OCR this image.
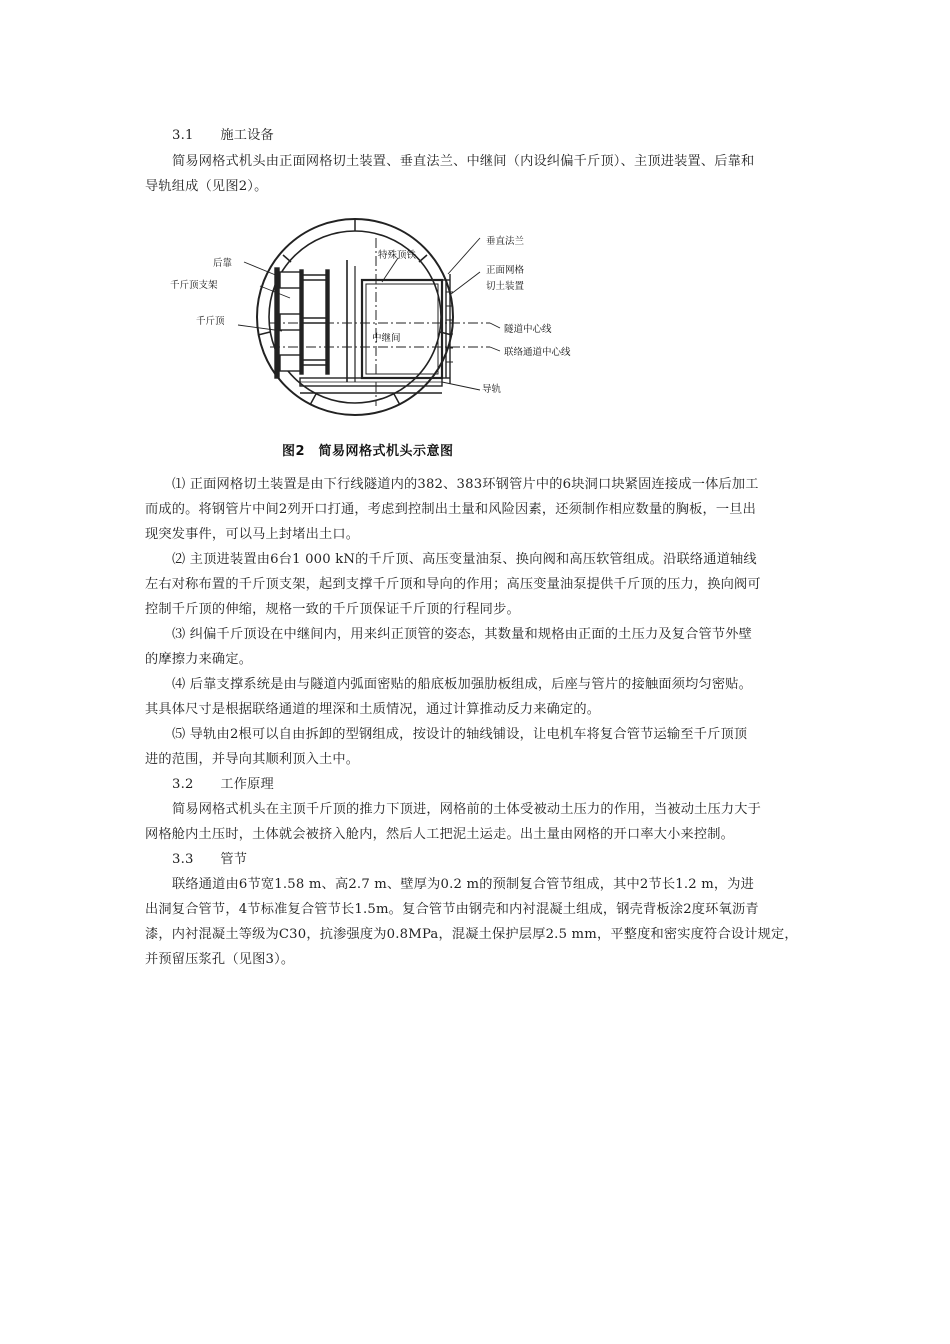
3.1　　施工设备
简易网格式机头由正面网格切土装置、垂直法兰、中继间（内设纠偏千斤顶）、主顶进装置、后靠和
导轨组成（见图2）。
后靠
千斤顶支架
千斤顶
特殊顶铁
垂直法兰
正面网格
切土装置
隧道中心线
联络通道中心线
中继间
导轨
图2　简易网格式机头示意图
⑴ 正面网格切土装置是由下行线隧道内的382、383环钢管片中的6块洞口块紧固连接成一体后加工
而成的。将钢管片中间2列开口打通，考虑到控制出土量和风险因素，还须制作相应数量的胸板，一旦出
现突发事件，可以马上封堵出土口。
⑵ 主顶进装置由6台1 000 kN的千斤顶、高压变量油泵、换向阀和高压软管组成。沿联络通道轴线
左右对称布置的千斤顶支架，起到支撑千斤顶和导向的作用；高压变量油泵提供千斤顶的压力，换向阀可
控制千斤顶的伸缩，规格一致的千斤顶保证千斤顶的行程同步。
⑶ 纠偏千斤顶设在中继间内，用来纠正顶管的姿态，其数量和规格由正面的土压力及复合管节外壁
的摩擦力来确定。
⑷ 后靠支撑系统是由与隧道内弧面密贴的船底板加强肋板组成，后座与管片的接触面须均匀密贴。
其具体尺寸是根据联络通道的埋深和土质情况，通过计算推动反力来确定的。
⑸ 导轨由2根可以自由拆卸的型钢组成，按设计的轴线铺设，让电机车将复合管节运输至千斤顶顶
进的范围，并导向其顺利顶入土中。
3.2　　工作原理
简易网格式机头在主顶千斤顶的推力下顶进，网格前的土体受被动土压力的作用，当被动土压力大于
网格舱内土压时，土体就会被挤入舱内，然后人工把泥土运走。出土量由网格的开口率大小来控制。
3.3　　管节
联络通道由6节宽1.58 m、高2.7 m、壁厚为0.2 m的预制复合管节组成，其中2节长1.2 m，为进
出洞复合管节，4节标准复合管节长1.5m。复合管节由钢壳和内衬混凝土组成，钢壳背板涂2度环氧沥青
漆，内衬混凝土等级为C30，抗渗强度为0.8MPa，混凝土保护层厚2.5 mm，平整度和密实度符合设计规定，
并预留压浆孔（见图3）。
